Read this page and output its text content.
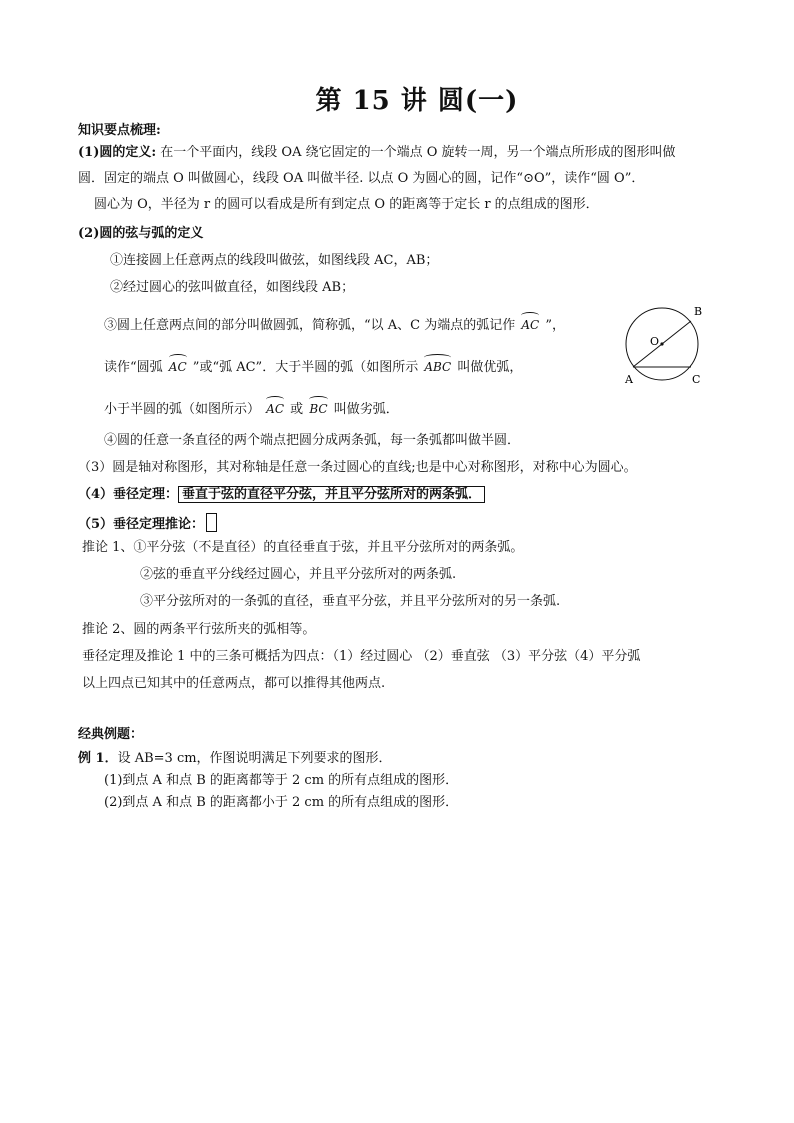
第 15 讲 圆(一)
知识要点梳理:
(1)圆的定义: 在一个平面内，线段 OA 绕它固定的一个端点 O 旋转一周，另一个端点所形成的图形叫做
圆．固定的端点 O 叫做圆心，线段 OA 叫做半径. 以点 O 为圆心的圆，记作“⊙O”，读作“圆 O”．
圆心为 O，半径为 r 的圆可以看成是所有到定点 O 的距离等于定长 r 的点组成的图形．
(2)圆的弦与弧的定义
①连接圆上任意两点的线段叫做弦，如图线段 AC，AB；
②经过圆心的弦叫做直径，如图线段 AB；
③圆上任意两点间的部分叫做圆弧，简称弧，“以 A、C 为端点的弧记作 AC ”，
读作“圆弧 AC ”或“弧 AC”．大于半圆的弧（如图所示 ABC 叫做优弧，
小于半圆的弧（如图所示） AC 或 BC 叫做劣弧．
④圆的任意一条直径的两个端点把圆分成两条弧，每一条弧都叫做半圆．
B
O
A	C
（3）圆是轴对称图形，其对称轴是任意一条过圆心的直线;也是中心对称图形，对称中心为圆心。
（4）垂径定理： 垂直于弦的直径平分弦，并且平分弦所对的两条弧．
（5）垂径定理推论：
推论 1、①平分弦（不是直径）的直径垂直于弦，并且平分弦所对的两条弧。
②弦的垂直平分线经过圆心，并且平分弦所对的两条弧.
③平分弦所对的一条弧的直径，垂直平分弦，并且平分弦所对的另一条弧.
推论 2、圆的两条平行弦所夹的弧相等。
垂径定理及推论 1 中的三条可概括为四点：（1）经过圆心 （2）垂直弦 （3）平分弦（4）平分弧
以上四点已知其中的任意两点，都可以推得其他两点.
经典例题：
例 1．设 AB=3 cm，作图说明满足下列要求的图形．
(1)到点 A 和点 B 的距离都等于 2 cm 的所有点组成的图形．
(2)到点 A 和点 B 的距离都小于 2 cm 的所有点组成的图形．
